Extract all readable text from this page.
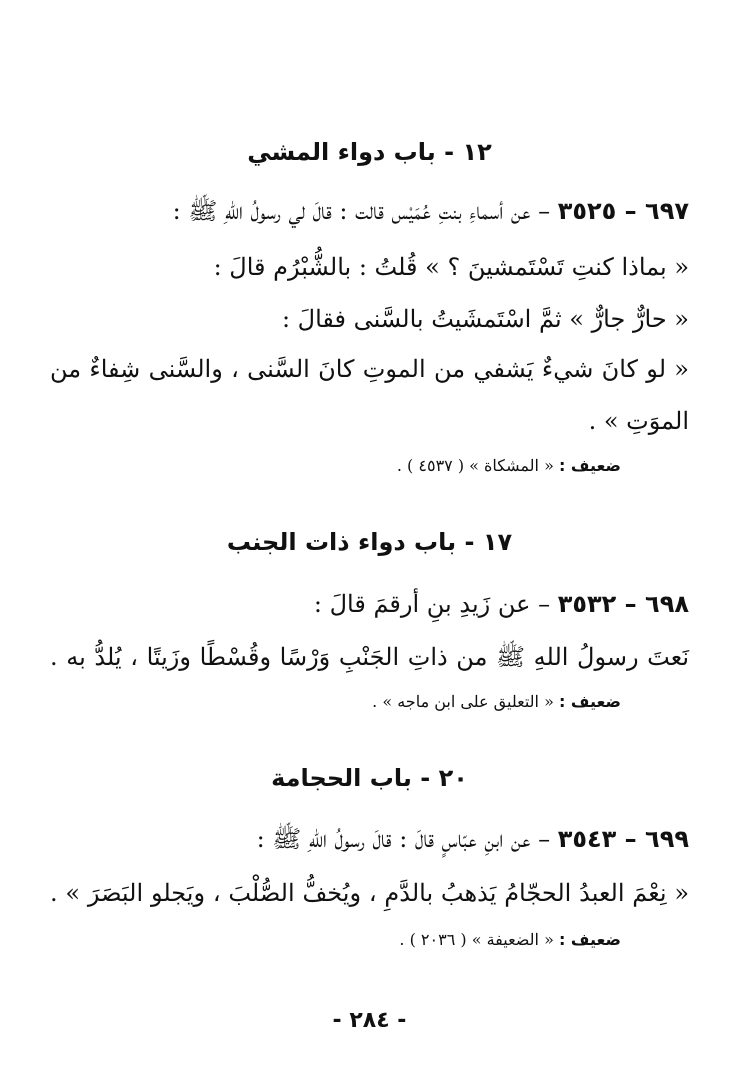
١٢ - باب دواء المشي
٦٩٧ – ٣٥٢٥ – عن أسماءِ بنتِ عُمَيْس قالت : قالَ لي رسولُ اللهِ ﷺ :
« بماذا كنتِ تَسْتَمشينَ ؟ » قُلتُ : بالشُّبْرُم قالَ :
« حارٌّ جارٌّ » ثمَّ اسْتَمشَيتُ بالسَّنى فقالَ :
« لو كانَ شيءٌ يَشفي من الموتِ كانَ السَّنى ، والسَّنى شِفاءٌ من
الموَتِ » .
ضعيف : « المشكاة » ( ٤٥٣٧ ) .
١٧ - باب دواء ذات الجنب
٦٩٨ – ٣٥٣٢ – عن زَيدِ بنِ أرقمَ قالَ :
نَعتَ رسولُ اللهِ ﷺ من ذاتِ الجَنْبِ وَرْسًا وقُسْطًا وزَيتًا ، يُلدُّ به .
ضعيف : « التعليق على ابن ماجه » .
٢٠ - باب الحجامة
٦٩٩ – ٣٥٤٣ – عن ابنِ عبّاسٍ قالَ : قالَ رسولُ اللهِ ﷺ :
« نِعْمَ العبدُ الحجّامُ يَذهبُ بالدَّمِ ، ويُخفُّ الصُّلْبَ ، ويَجلو البَصَرَ » .
ضعيف : « الضعيفة » ( ٢٠٣٦ ) .
- ٢٨٤ -
